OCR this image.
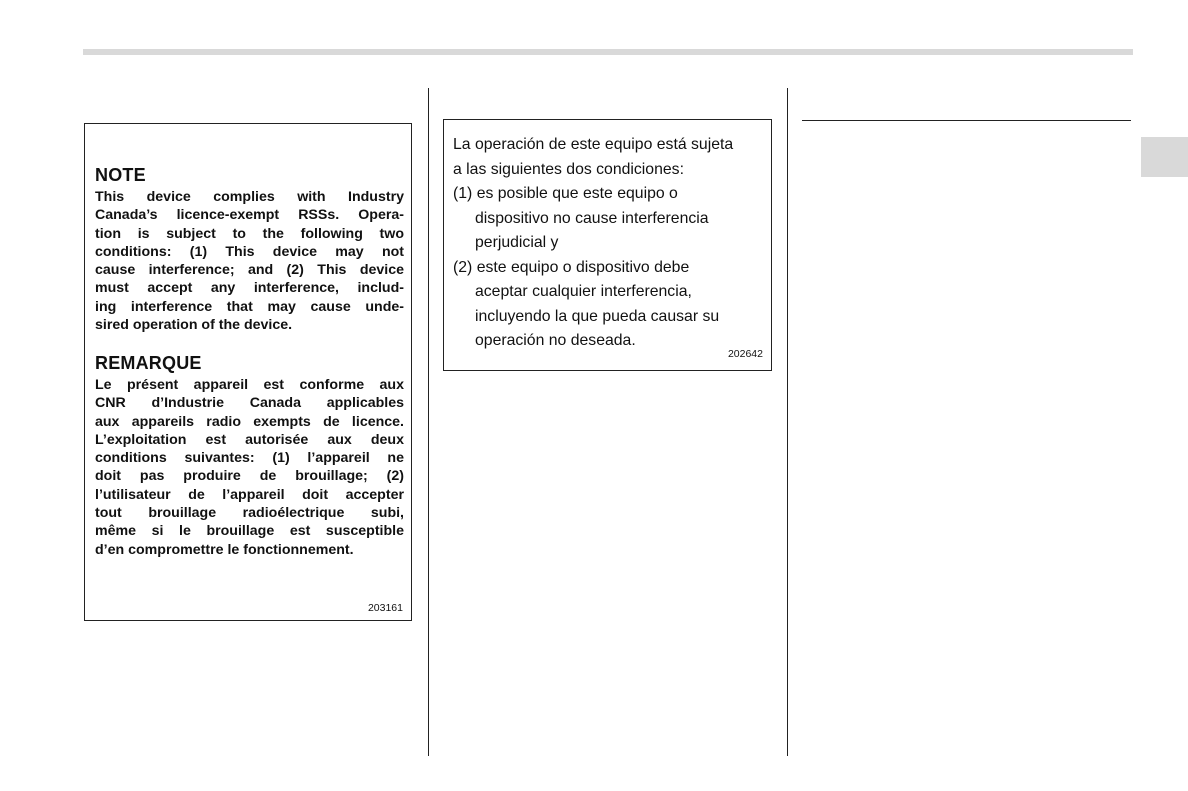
NOTE
This device complies with Industry
Canada’s licence-exempt RSSs. Opera-
tion is subject to the following two
conditions: (1) This device may not
cause interference; and (2) This device
must accept any interference, includ-
ing interference that may cause unde-
sired operation of the device.
REMARQUE
Le présent appareil est conforme aux
CNR d’Industrie Canada applicables
aux appareils radio exempts de licence.
L’exploitation est autorisée aux deux
conditions suivantes: (1) l’appareil ne
doit pas produire de brouillage; (2)
l’utilisateur de l’appareil doit accepter
tout brouillage radioélectrique subi,
même si le brouillage est susceptible
d’en compromettre le fonctionnement.
203161
La operación de este equipo está sujeta
a las siguientes dos condiciones:
(1) es posible que este equipo o
dispositivo no cause interferencia
perjudicial y
(2) este equipo o dispositivo debe
aceptar cualquier interferencia,
incluyendo la que pueda causar su
operación no deseada.
202642
